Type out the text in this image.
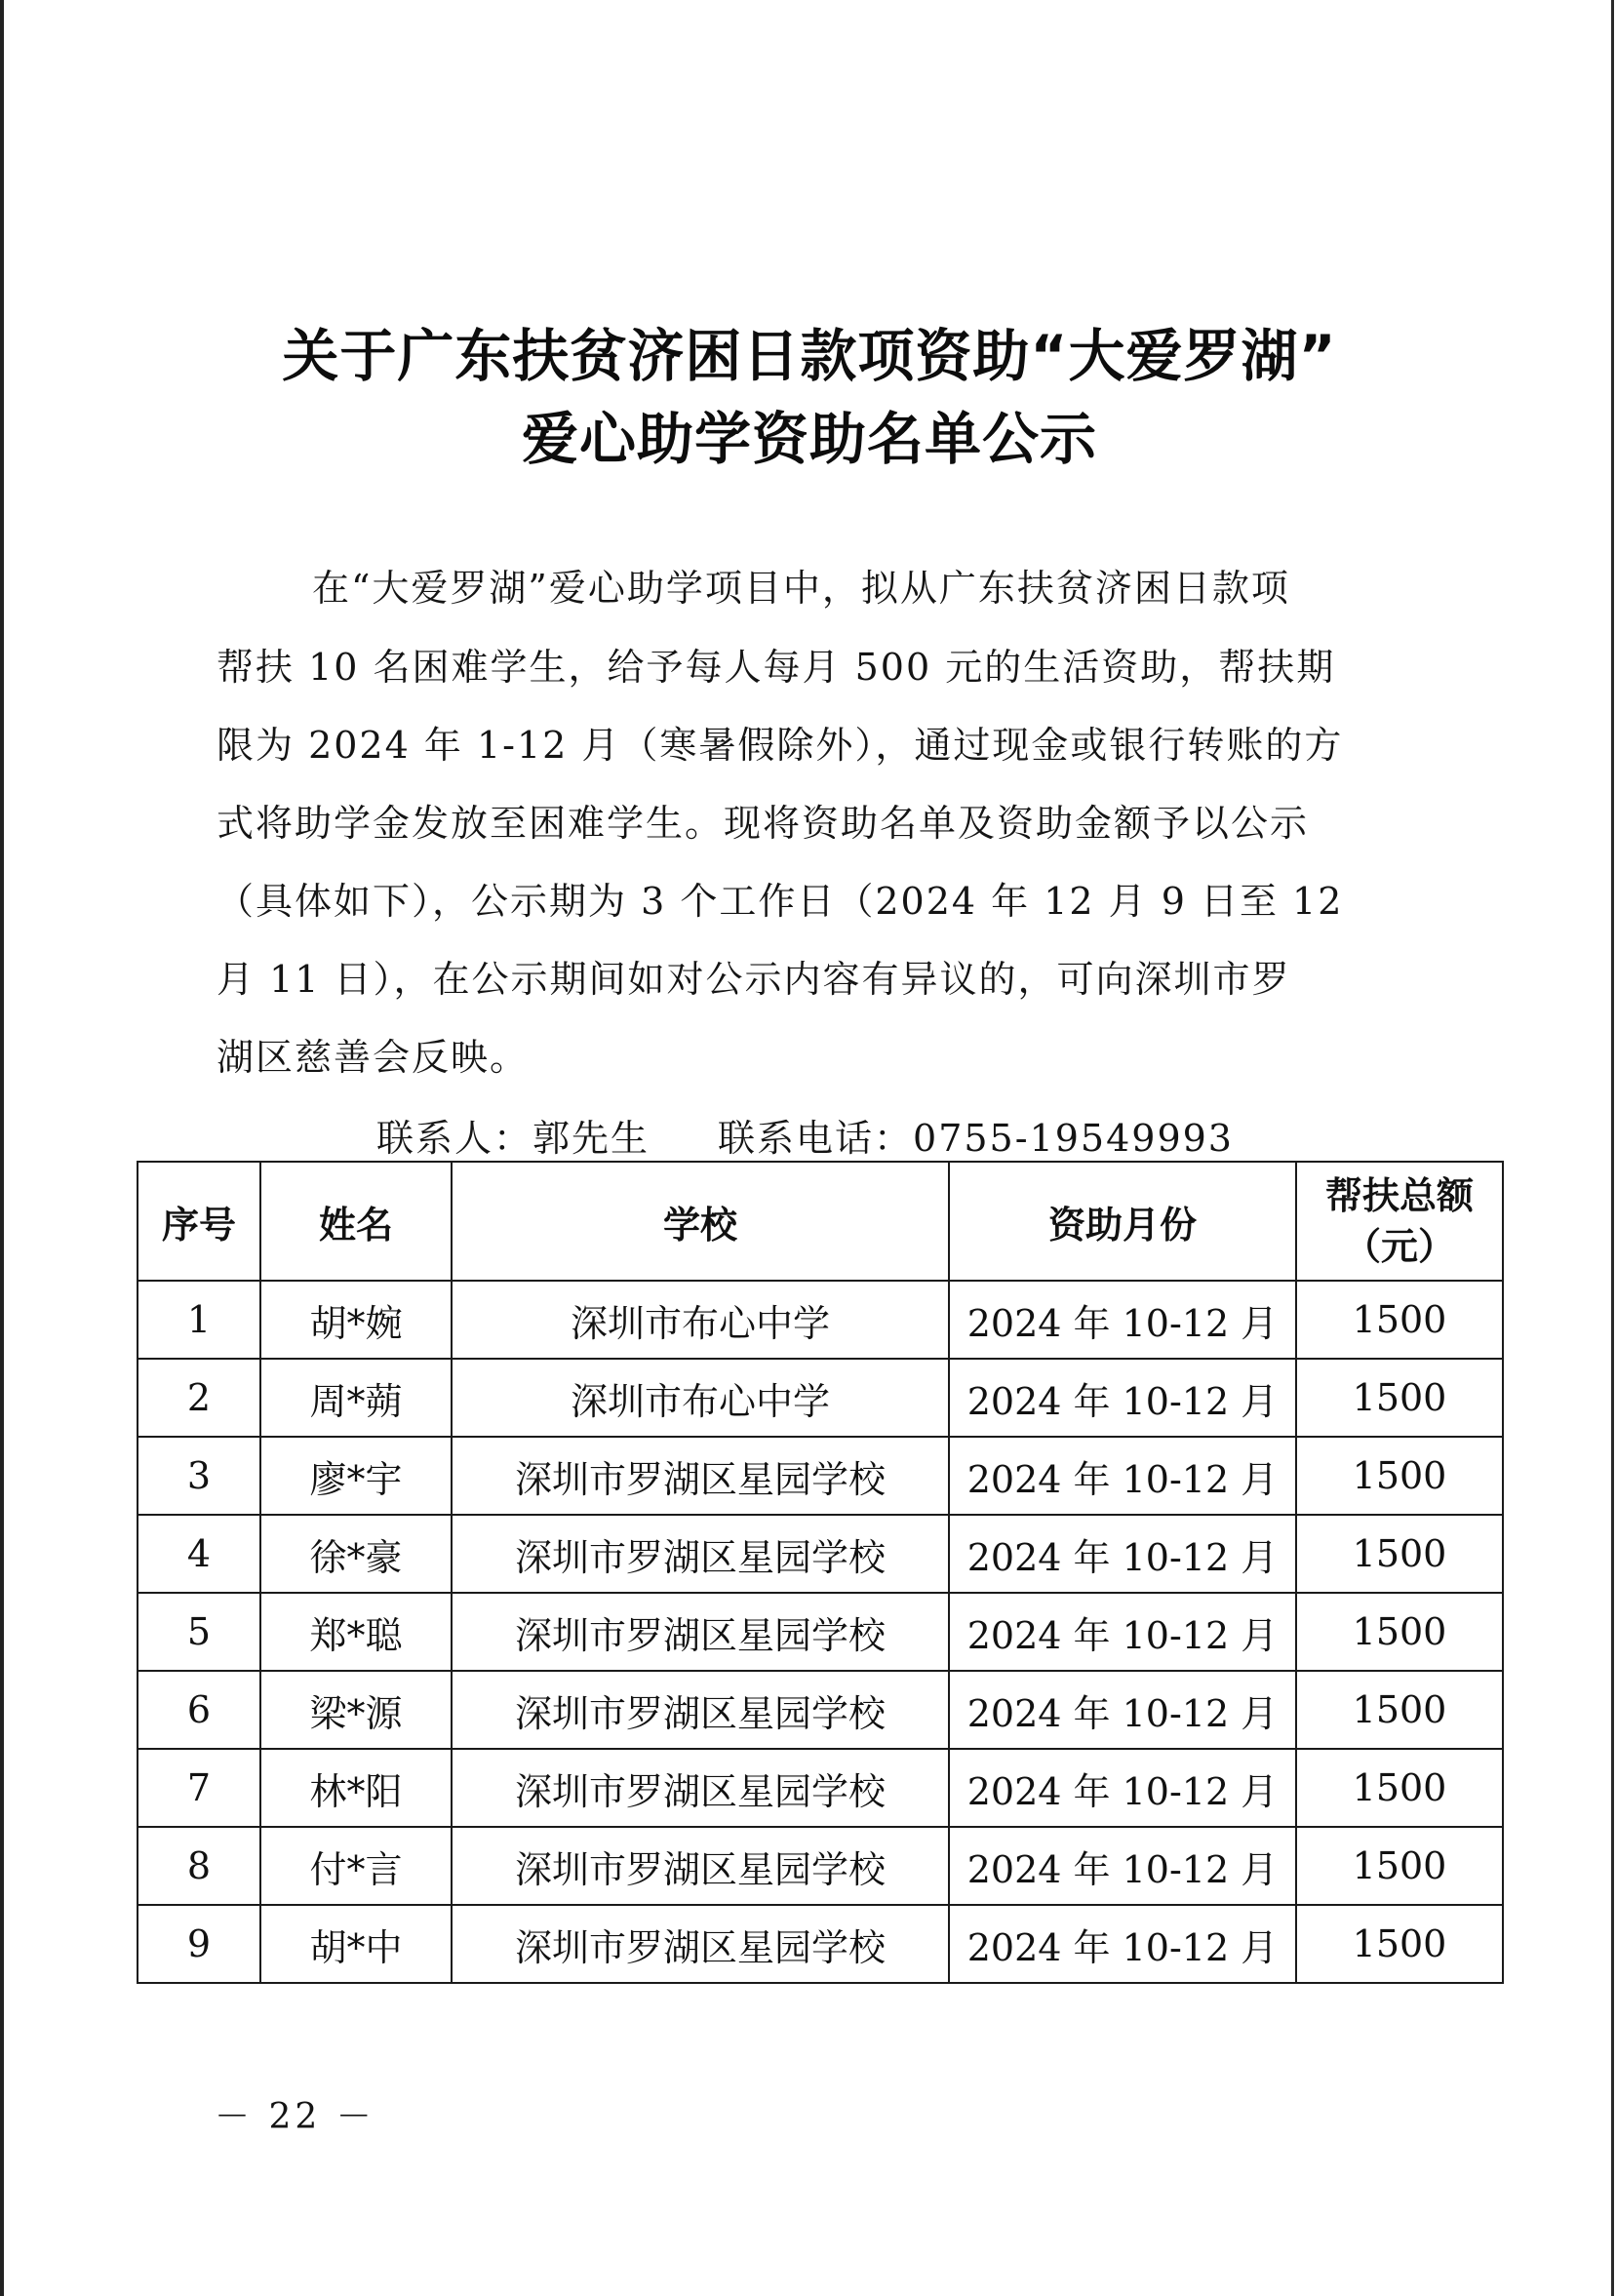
关于广东扶贫济困日款项资助“大爱罗湖”
爱心助学资助名单公示
在“大爱罗湖”爱心助学项目中，拟从广东扶贫济困日款项
帮扶 10 名困难学生，给予每人每月 500 元的生活资助，帮扶期
限为 2024 年 1-12 月（寒暑假除外），通过现金或银行转账的方
式将助学金发放至困难学生。现将资助名单及资助金额予以公示
（具体如下），公示期为 3 个工作日（2024 年 12 月 9 日至 12
月 11 日），在公示期间如对公示内容有异议的，可向深圳市罗
湖区慈善会反映。
联系人：郭先生 联系电话：0755-19549993
序号	姓名	学校	资助月份	帮扶总额（元）
1	胡*婉	深圳市布心中学	2024 年 10-12 月	1500
2	周*蒴	深圳市布心中学	2024 年 10-12 月	1500
3	廖*宇	深圳市罗湖区星园学校	2024 年 10-12 月	1500
4	徐*豪	深圳市罗湖区星园学校	2024 年 10-12 月	1500
5	郑*聪	深圳市罗湖区星园学校	2024 年 10-12 月	1500
6	梁*源	深圳市罗湖区星园学校	2024 年 10-12 月	1500
7	林*阳	深圳市罗湖区星园学校	2024 年 10-12 月	1500
8	付*言	深圳市罗湖区星园学校	2024 年 10-12 月	1500
9	胡*中	深圳市罗湖区星园学校	2024 年 10-12 月	1500
－ 22 －
